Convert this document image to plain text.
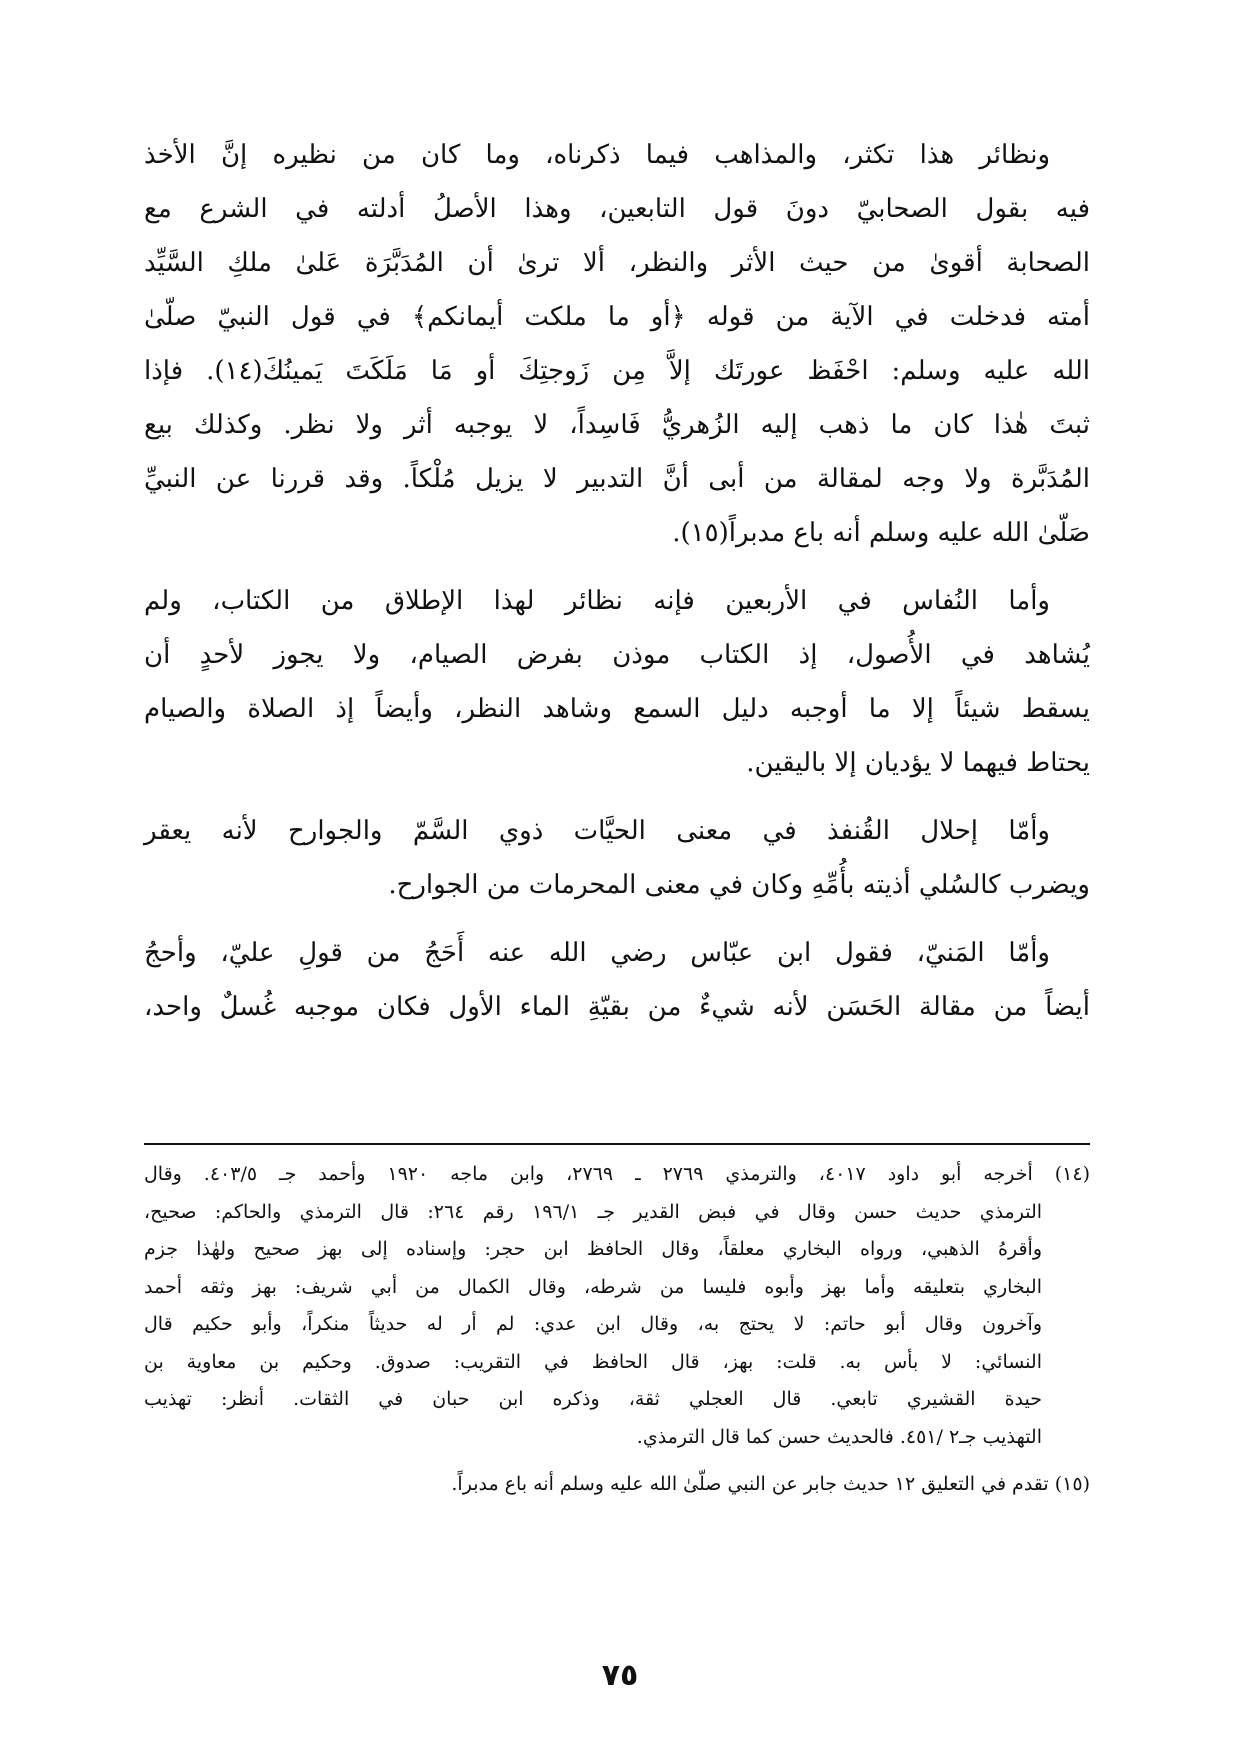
ونظائر هذا تكثر، والمذاهب فيما ذكرناه، وما كان من نظيره إنَّ الأخذ
فيه بقول الصحابيّ دونَ قول التابعين، وهذا الأصلُ أدلته في الشرع مع
الصحابة أقوىٰ من حيث الأثر والنظر، ألا ترىٰ أن المُدَبَّرَة عَلىٰ ملكِ السَّيِّد
أمته فدخلت في الآية من قوله ﴿أو ما ملكت أيمانكم﴾ في قول النبيّ صلّىٰ
الله عليه وسلم: احْفَظ عورتَك إلاَّ مِن زَوجتِكَ أو مَا مَلَكَتَ يَمينُكَ(١٤). فإذا
ثبتَ هٰذا كان ما ذهب إليه الزُهريُّ فَاسِداً، لا يوجبه أثر ولا نظر. وكذلك بيع
المُدَبَّرة ولا وجه لمقالة من أبى أنَّ التدبير لا يزيل مُلْكاً. وقد قررنا عن النبيِّ
صَلّىٰ الله عليه وسلم أنه باع مدبراً(١٥).

وأما النُفاس في الأربعين فإنه نظائر لهذا الإطلاق من الكتاب، ولم
يُشاهد في الأُصول، إذ الكتاب موذن بفرض الصيام، ولا يجوز لأحدٍ أن
يسقط شيئاً إلا ما أوجبه دليل السمع وشاهد النظر، وأيضاً إذ الصلاة والصيام
يحتاط فيهما لا يؤديان إلا باليقين.

وأمّا إحلال القُنفذ في معنى الحيَّات ذوي السَّمّ والجوارح لأنه يعقر
ويضرب كالسُلي أذيته بأُمِّهِ وكان في معنى المحرمات من الجوارح.

وأمّا المَنيّ، فقول ابن عبّاس رضي الله عنه أَحَجُ من قولِ عليّ، وأحجُ
أيضاً من مقالة الحَسَن لأنه شيءٌ من بقيّةِ الماء الأول فكان موجبه غُسلٌ واحد،

(١٤) أخرجه أبو داود ٤٠١٧، والترمذي ٢٧٦٩ ـ ٢٧٦٩، وابن ماجه ١٩٢٠ وأحمد جـ ٤٠٣/٥. وقال
الترمذي حديث حسن وقال في فبض القدير جـ ١٩٦/١ رقم ٢٦٤: قال الترمذي والحاكم: صحيح،
وأقرهُ الذهبي، ورواه البخاري معلقاً، وقال الحافظ ابن حجر: وإسناده إلى بهز صحيح ولهٰذا جزم
البخاري بتعليقه وأما بهز وأبوه فليسا من شرطه، وقال الكمال من أبي شريف: بهز وثقه أحمد
وآخرون وقال أبو حاتم: لا يحتج به، وقال ابن عدي: لم أر له حديثاً منكراً، وأبو حكيم قال
النسائي: لا بأس به. قلت: بهز، قال الحافظ في التقريب: صدوق. وحكيم بن معاوية بن
حيدة القشيري تابعي. قال العجلي ثقة، وذكره ابن حبان في الثقات. أنظر: تهذيب
التهذيب جـ٢ /٤٥١. فالحديث حسن كما قال الترمذي.

(١٥) تقدم في التعليق ١٢ حديث جابر عن النبي صلّىٰ الله عليه وسلم أنه باع مدبراً.

٧٥
